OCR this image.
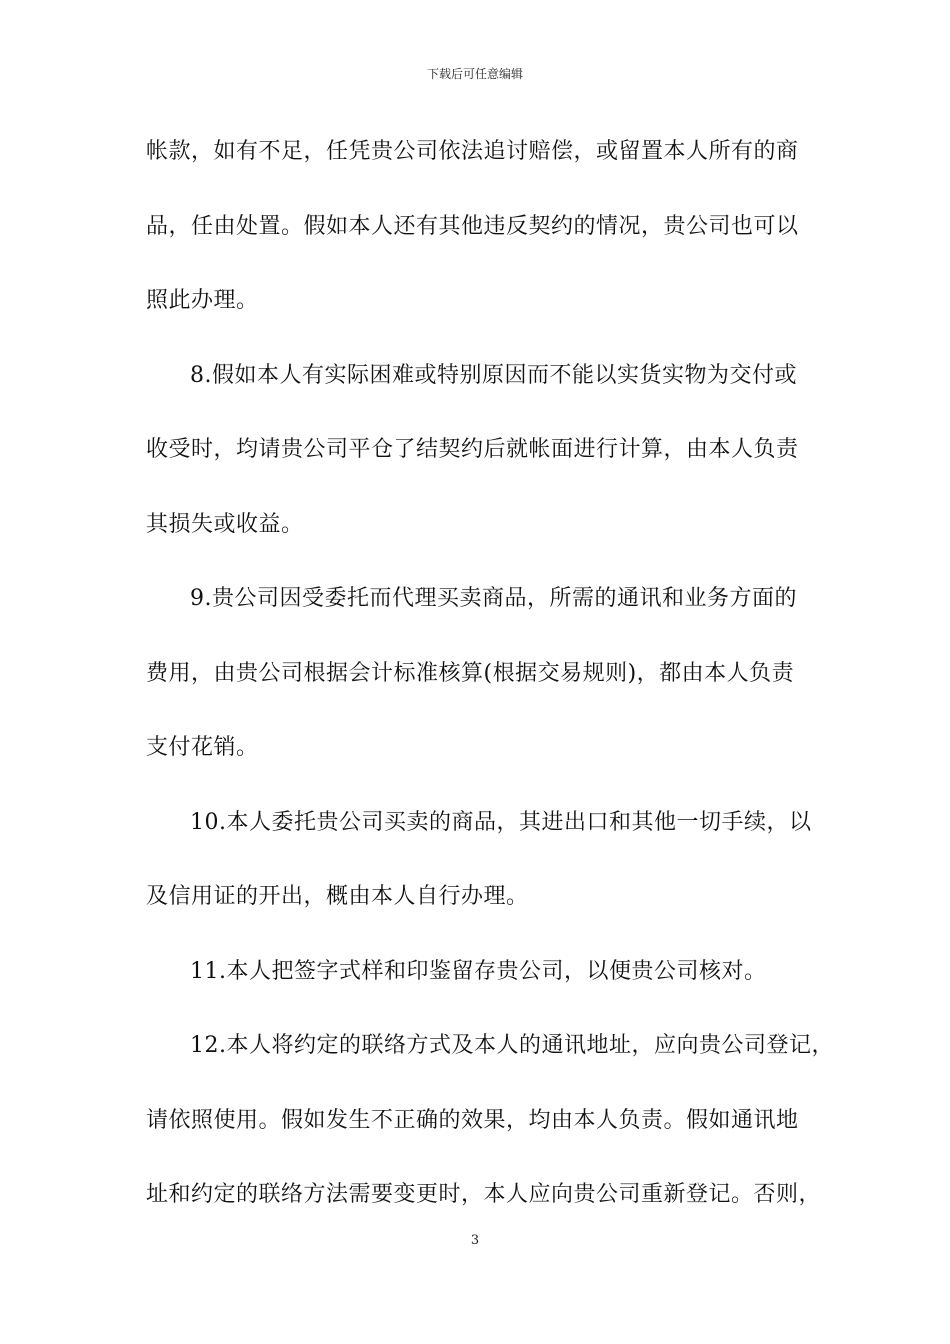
下载后可任意编辑
帐款，如有不足，任凭贵公司依法追讨赔偿，或留置本人所有的商
品，任由处置。假如本人还有其他违反契约的情况，贵公司也可以
照此办理。
8.假如本人有实际困难或特别原因而不能以实货实物为交付或
收受时，均请贵公司平仓了结契约后就帐面进行计算，由本人负责
其损失或收益。
9.贵公司因受委托而代理买卖商品，所需的通讯和业务方面的
费用，由贵公司根据会计标准核算(根据交易规则)，都由本人负责
支付花销。
10.本人委托贵公司买卖的商品，其进出口和其他一切手续，以
及信用证的开出，概由本人自行办理。
11.本人把签字式样和印鉴留存贵公司，以便贵公司核对。
12.本人将约定的联络方式及本人的通讯地址，应向贵公司登记，
请依照使用。假如发生不正确的效果，均由本人负责。假如通讯地
址和约定的联络方法需要变更时，本人应向贵公司重新登记。否则，
3
